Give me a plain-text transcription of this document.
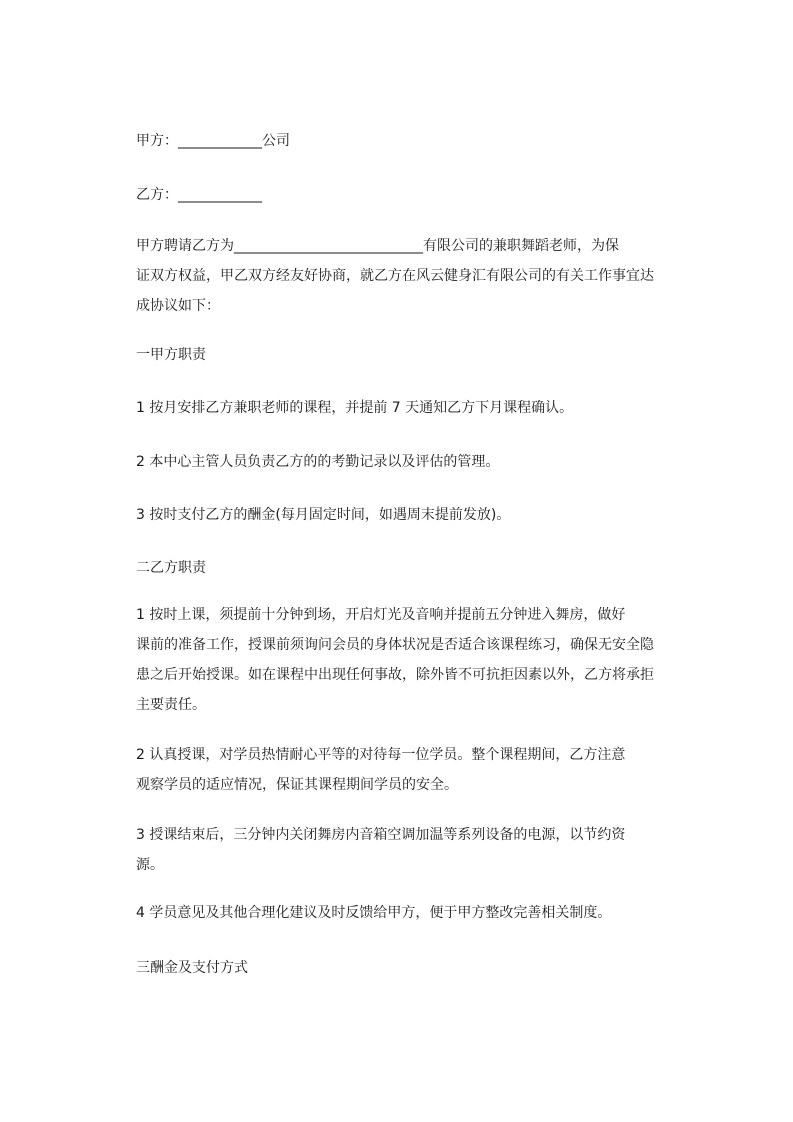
甲方：____________公司
乙方：____________
甲方聘请乙方为___________________________有限公司的兼职舞蹈老师，为保
证双方权益，甲乙双方经友好协商，就乙方在风云健身汇有限公司的有关工作事宜达
成协议如下：
一甲方职责
1 按月安排乙方兼职老师的课程，并提前 7 天通知乙方下月课程确认。
2 本中心主管人员负责乙方的的考勤记录以及评估的管理。
3 按时支付乙方的酬金(每月固定时间，如遇周末提前发放)。
二乙方职责
1 按时上课，须提前十分钟到场，开启灯光及音响并提前五分钟进入舞房，做好
课前的准备工作，授课前须询问会员的身体状况是否适合该课程练习，确保无安全隐
患之后开始授课。如在课程中出现任何事故，除外皆不可抗拒因素以外，乙方将承拒
主要责任。
2 认真授课，对学员热情耐心平等的对待每一位学员。整个课程期间，乙方注意
观察学员的适应情况，保证其课程期间学员的安全。
3 授课结束后，三分钟内关闭舞房内音箱空调加温等系列设备的电源，以节约资
源。
4 学员意见及其他合理化建议及时反馈给甲方，便于甲方整改完善相关制度。
三酬金及支付方式
